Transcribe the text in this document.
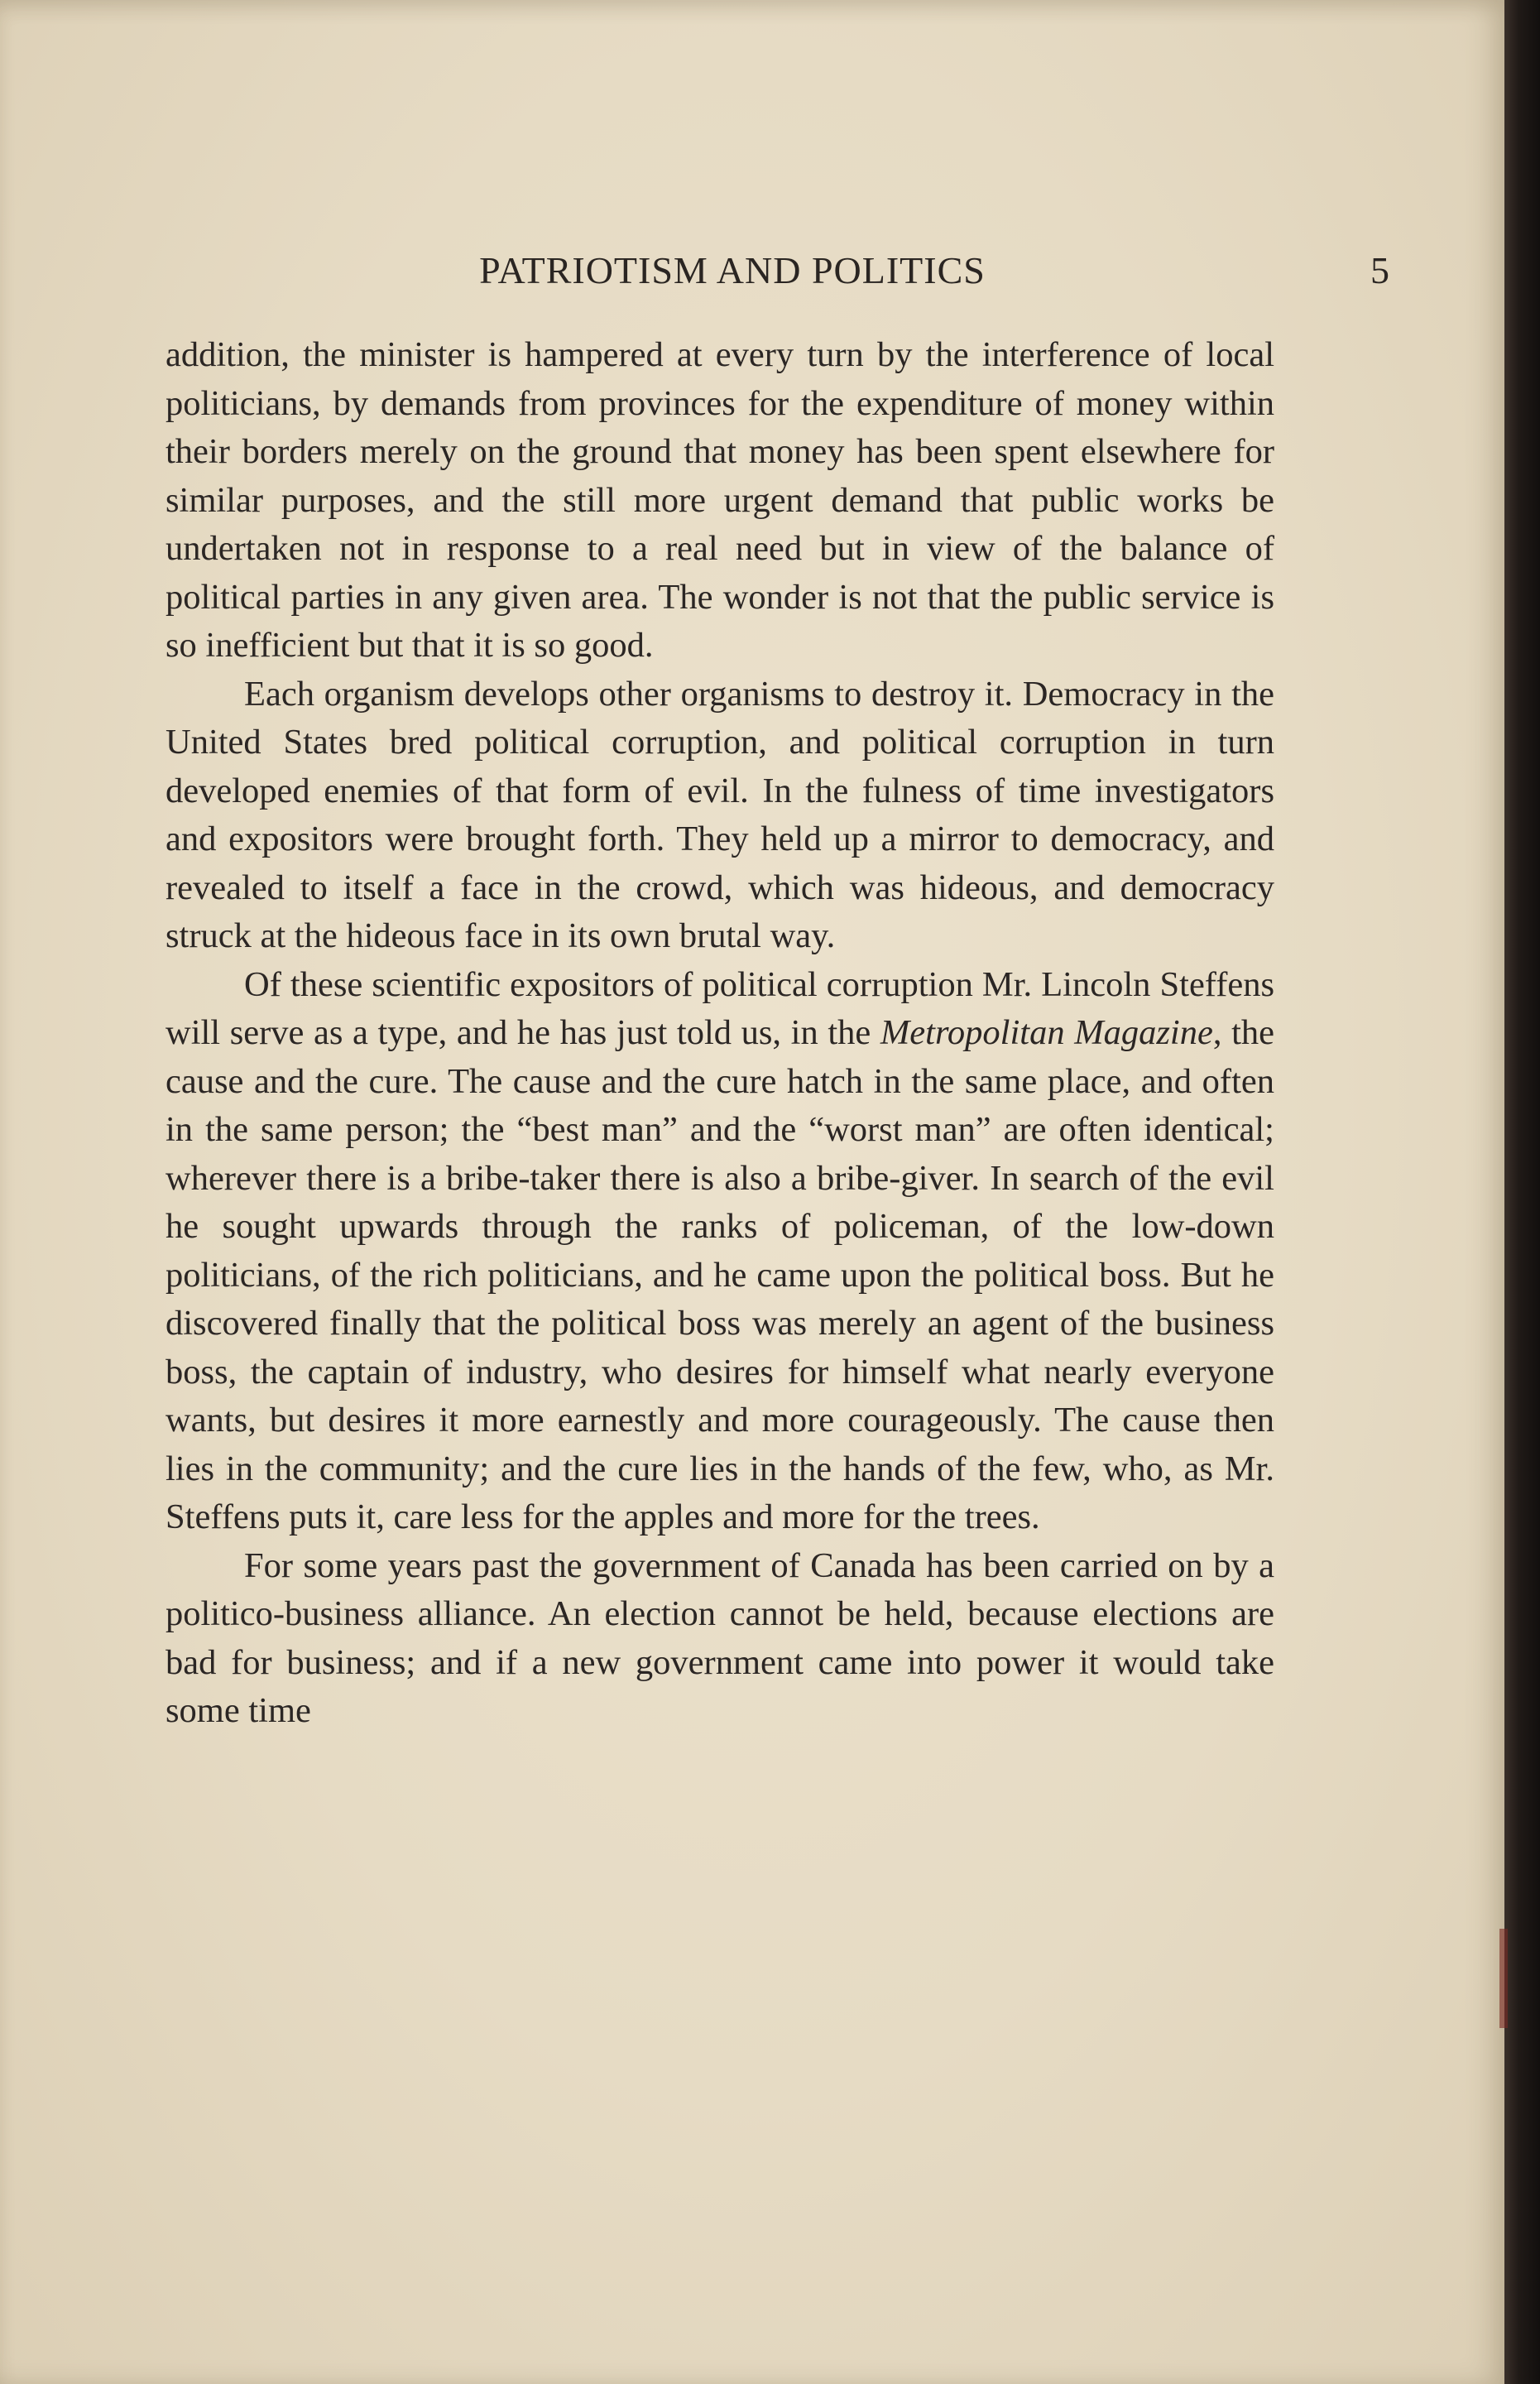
PATRIOTISM AND POLITICS	5

addition, the minister is hampered at every turn by the interference of local politicians, by demands from provinces for the expenditure of money within their borders merely on the ground that money has been spent elsewhere for similar purposes, and the still more urgent demand that public works be undertaken not in response to a real need but in view of the balance of political parties in any given area. The wonder is not that the public service is so inefficient but that it is so good.

Each organism develops other organisms to destroy it. Democracy in the United States bred political corruption, and political corruption in turn developed enemies of that form of evil. In the fulness of time investigators and expositors were brought forth. They held up a mirror to democracy, and revealed to itself a face in the crowd, which was hideous, and democracy struck at the hideous face in its own brutal way.

Of these scientific expositors of political corruption Mr. Lincoln Steffens will serve as a type, and he has just told us, in the Metropolitan Magazine, the cause and the cure. The cause and the cure hatch in the same place, and often in the same person; the “best man” and the “worst man” are often identical; wherever there is a bribe-taker there is also a bribe-giver. In search of the evil he sought upwards through the ranks of policeman, of the low-down politicians, of the rich politicians, and he came upon the political boss. But he discovered finally that the political boss was merely an agent of the business boss, the captain of industry, who desires for himself what nearly everyone wants, but desires it more earnestly and more courageously. The cause then lies in the community; and the cure lies in the hands of the few, who, as Mr. Steffens puts it, care less for the apples and more for the trees.

For some years past the government of Canada has been carried on by a politico-business alliance. An election cannot be held, because elections are bad for business; and if a new government came into power it would take some time
